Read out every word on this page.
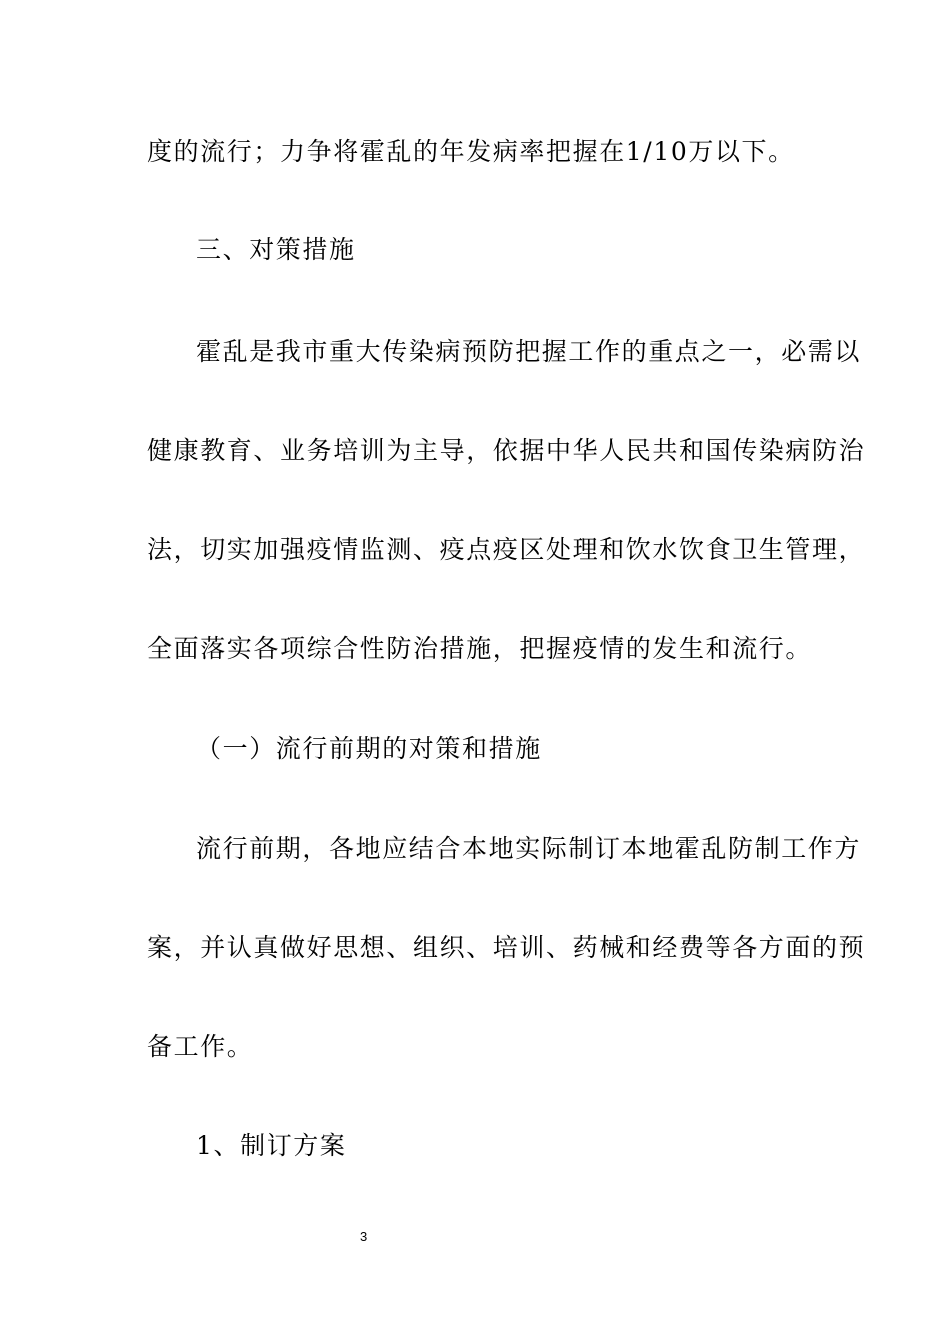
度的流行；力争将霍乱的年发病率把握在1/10万以下。

三、对策措施

霍乱是我市重大传染病预防把握工作的重点之一，必需以

健康教育、业务培训为主导，依据中华人民共和国传染病防治

法，切实加强疫情监测、疫点疫区处理和饮水饮食卫生管理，

全面落实各项综合性防治措施，把握疫情的发生和流行。

（一）流行前期的对策和措施

流行前期，各地应结合本地实际制订本地霍乱防制工作方

案，并认真做好思想、组织、培训、药械和经费等各方面的预

备工作。

1、制订方案

3
